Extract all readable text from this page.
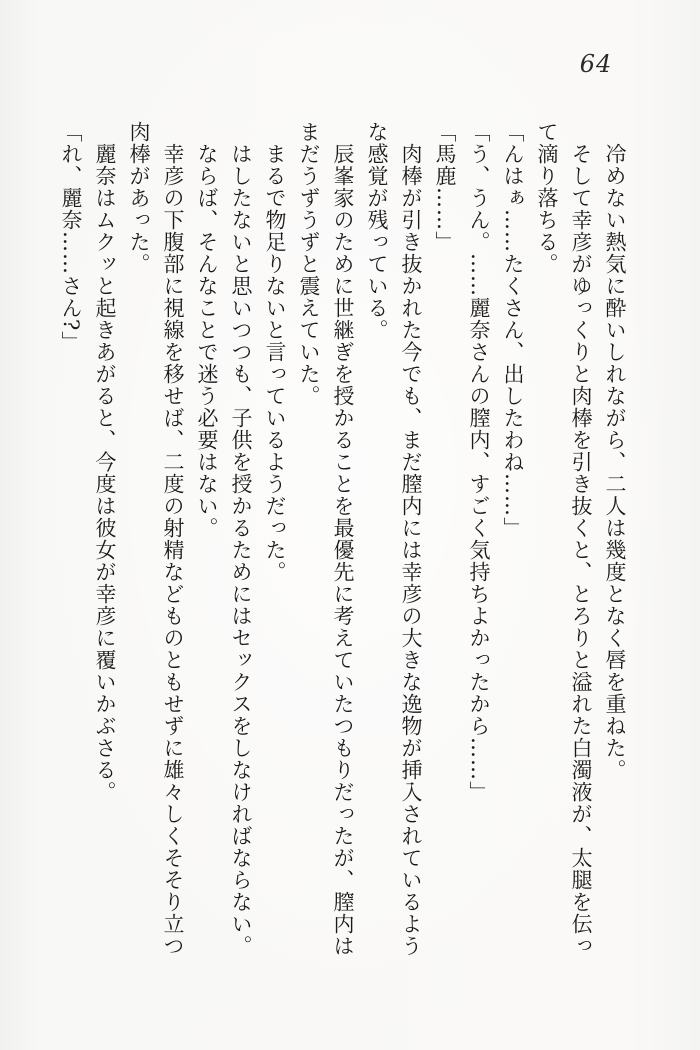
64
冷めない熱気に酔いしれながら、二人は幾度となく唇を重ねた。
そして幸彦がゆっくりと肉棒を引き抜くと、とろりと溢れた白濁液が、太腿を伝っ
て滴り落ちる。
「んはぁ……たくさん、出したわね……」
「う、うん。……麗奈さんの膣内、すごく気持ちよかったから……」
「馬鹿……」
肉棒が引き抜かれた今でも、まだ膣内には幸彦の大きな逸物が挿入されているよう
な感覚が残っている。
辰峯家のために世継ぎを授かることを最優先に考えていたつもりだったが、膣内は
まだうずうずと震えていた。
まるで物足りないと言っているようだった。
はしたないと思いつつも、子供を授かるためにはセックスをしなければならない。
ならば、そんなことで迷う必要はない。
幸彦の下腹部に視線を移せば、二度の射精などものともせずに雄々しくそそり立つ
肉棒があった。
麗奈はムクッと起きあがると、今度は彼女が幸彦に覆いかぶさる。
「れ、麗奈……さん?」
